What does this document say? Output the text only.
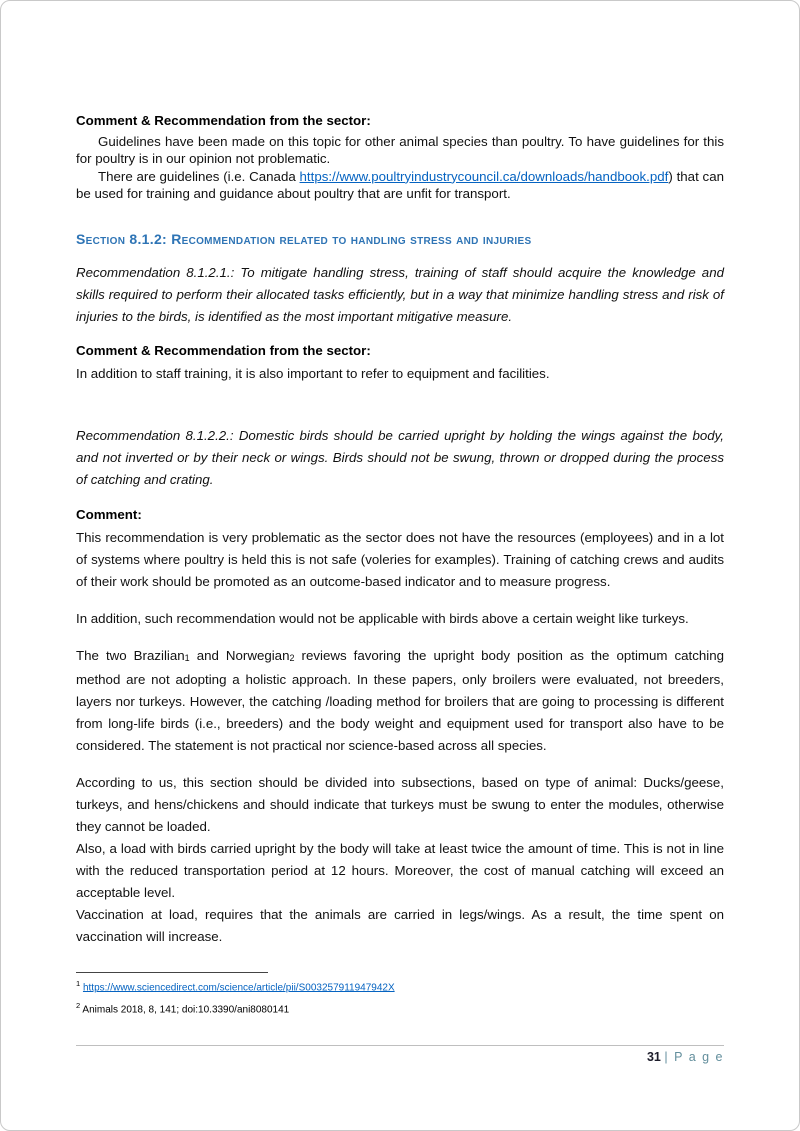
Comment & Recommendation from the sector:

Guidelines have been made on this topic for other animal species than poultry. To have guidelines for this for poultry is in our opinion not problematic.

There are guidelines (i.e. Canada https://www.poultryindustrycouncil.ca/downloads/handbook.pdf) that can be used for training and guidance about poultry that are unfit for transport.

Section 8.1.2: Recommendation related to handling stress and injuries

Recommendation 8.1.2.1.: To mitigate handling stress, training of staff should acquire the knowledge and skills required to perform their allocated tasks efficiently, but in a way that minimize handling stress and risk of injuries to the birds, is identified as the most important mitigative measure.

Comment & Recommendation from the sector:

In addition to staff training, it is also important to refer to equipment and facilities.

Recommendation 8.1.2.2.: Domestic birds should be carried upright by holding the wings against the body, and not inverted or by their neck or wings. Birds should not be swung, thrown or dropped during the process of catching and crating.

Comment:

This recommendation is very problematic as the sector does not have the resources (employees) and in a lot of systems where poultry is held this is not safe (voleries for examples). Training of catching crews and audits of their work should be promoted as an outcome-based indicator and to measure progress.

In addition, such recommendation would not be applicable with birds above a certain weight like turkeys.

The two Brazilian1 and Norwegian2 reviews favoring the upright body position as the optimum catching method are not adopting a holistic approach. In these papers, only broilers were evaluated, not breeders, layers nor turkeys. However, the catching /loading method for broilers that are going to processing is different from long-life birds (i.e., breeders) and the body weight and equipment used for transport also have to be considered. The statement is not practical nor science-based across all species.

According to us, this section should be divided into subsections, based on type of animal: Ducks/geese, turkeys, and hens/chickens and should indicate that turkeys must be swung to enter the modules, otherwise they cannot be loaded.

Also, a load with birds carried upright by the body will take at least twice the amount of time. This is not in line with the reduced transportation period at 12 hours. Moreover, the cost of manual catching will exceed an acceptable level.

Vaccination at load, requires that the animals are carried in legs/wings. As a result, the time spent on vaccination will increase.

$^1$ https://www.sciencedirect.com/science/article/pii/S003257911947942X

$^2$ Animals 2018, 8, 141; doi:10.3390/ani8080141

31 | P a g e
